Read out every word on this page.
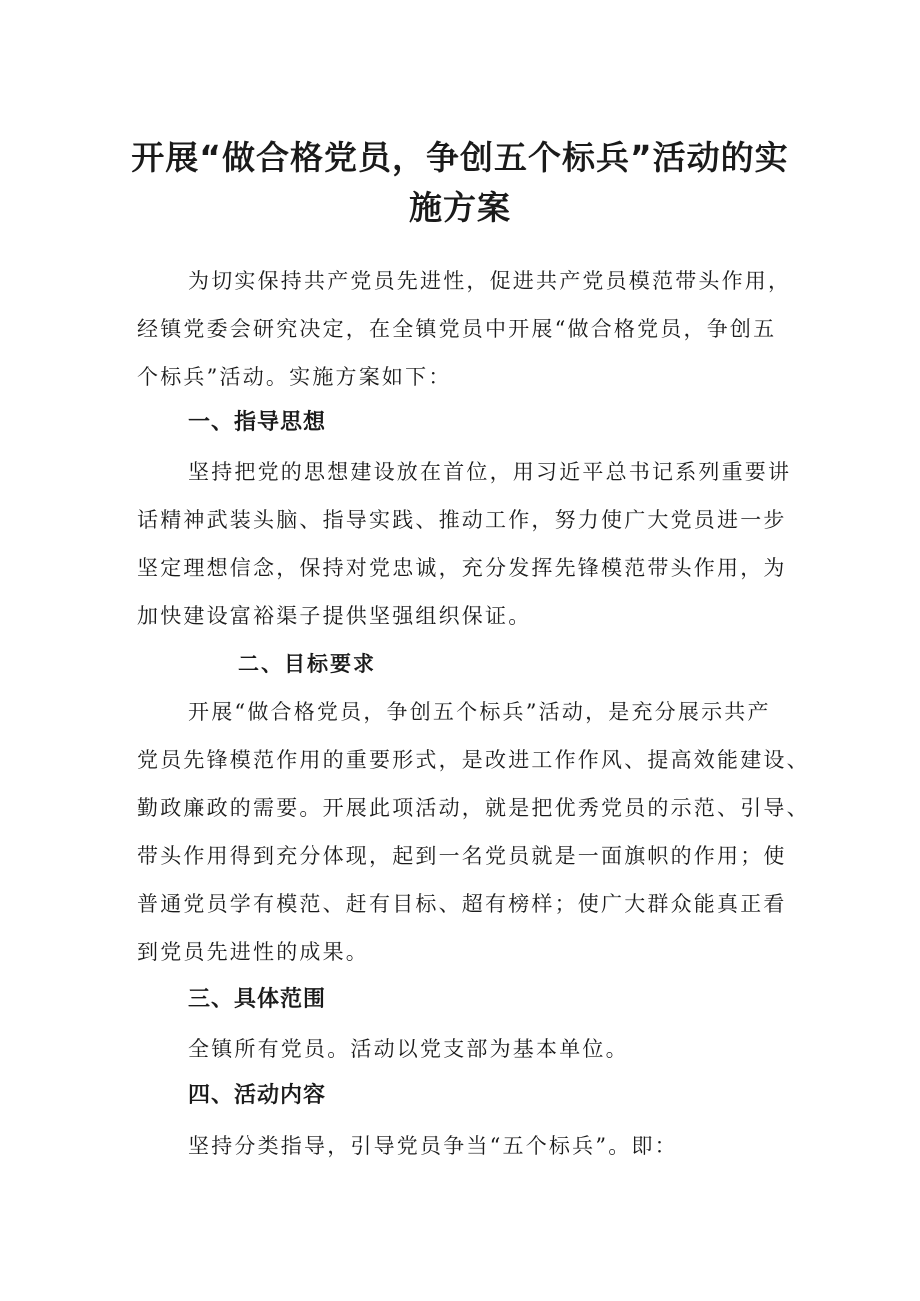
开展“做合格党员，争创五个标兵”活动的实
施方案

为切实保持共产党员先进性，促进共产党员模范带头作用，

经镇党委会研究决定，在全镇党员中开展“做合格党员，争创五

个标兵”活动。实施方案如下：

一、指导思想

坚持把党的思想建设放在首位，用习近平总书记系列重要讲

话精神武装头脑、指导实践、推动工作，努力使广大党员进一步

坚定理想信念，保持对党忠诚，充分发挥先锋模范带头作用，为

加快建设富裕渠子提供坚强组织保证。

二、目标要求

开展“做合格党员，争创五个标兵”活动，是充分展示共产

党员先锋模范作用的重要形式，是改进工作作风、提高效能建设、

勤政廉政的需要。开展此项活动，就是把优秀党员的示范、引导、

带头作用得到充分体现，起到一名党员就是一面旗帜的作用；使

普通党员学有模范、赶有目标、超有榜样；使广大群众能真正看

到党员先进性的成果。

三、具体范围

全镇所有党员。活动以党支部为基本单位。

四、活动内容

坚持分类指导，引导党员争当“五个标兵”。即：
